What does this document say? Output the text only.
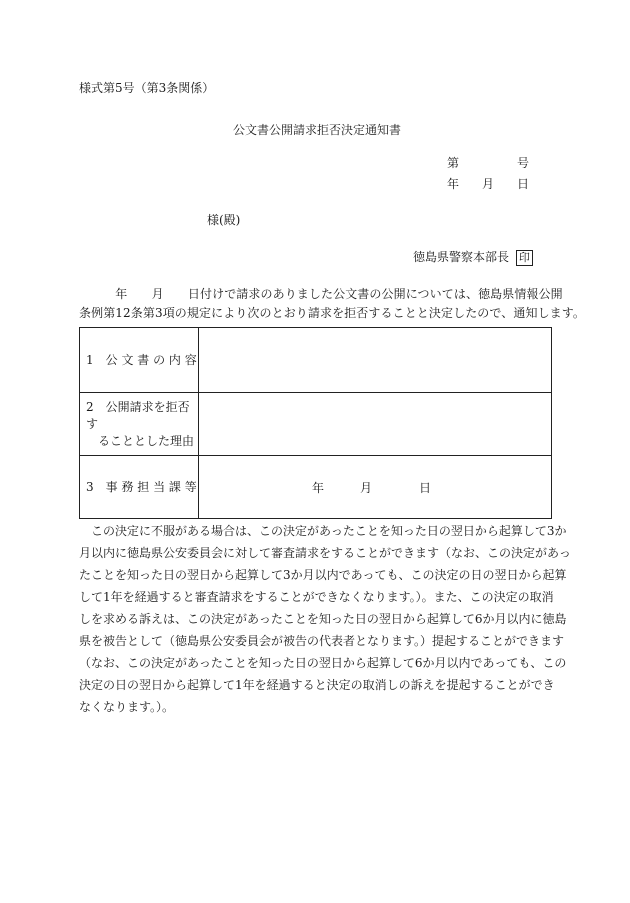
様式第5号（第3条関係）
公文書公開請求拒否決定通知書
第	号
年 月 日
様(殿)
徳島県警察本部長 印
　　　年　　月　　日付けで請求のありました公文書の公開については、徳島県情報公開
条例第12条第3項の規定により次のとおり請求を拒否することと決定したので、通知します。
1　公 文 書 の 内 容	

2　公開請求を拒否す
　ることとした理由	

3　事 務 担 当 課 等	年 月 日
　この決定に不服がある場合は、この決定があったことを知った日の翌日から起算して3か
月以内に徳島県公安委員会に対して審査請求をすることができます（なお、この決定があっ
たことを知った日の翌日から起算して3か月以内であっても、この決定の日の翌日から起算
して1年を経過すると審査請求をすることができなくなります。）。また、この決定の取消
しを求める訴えは、この決定があったことを知った日の翌日から起算して6か月以内に徳島
県を被告として（徳島県公安委員会が被告の代表者となります。）提起することができます
（なお、この決定があったことを知った日の翌日から起算して6か月以内であっても、この
決定の日の翌日から起算して1年を経過すると決定の取消しの訴えを提起することができ
なくなります。）。
